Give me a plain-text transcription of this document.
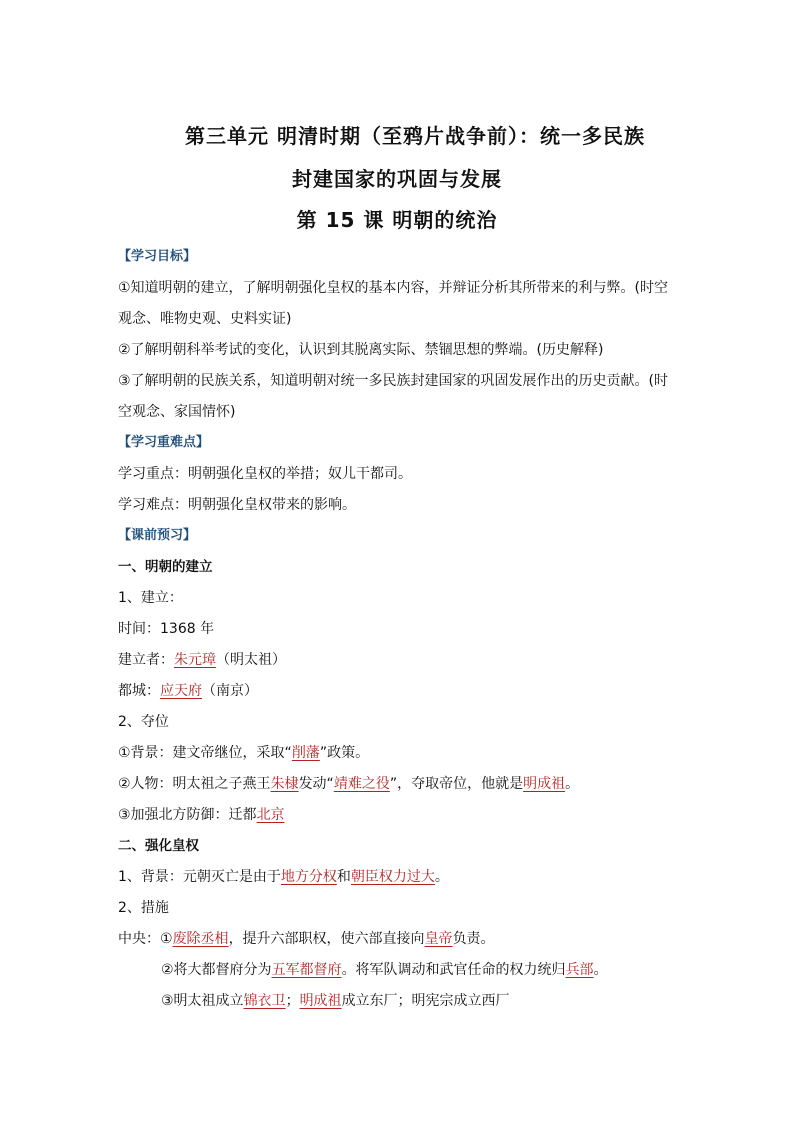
第三单元 明清时期（至鸦片战争前）：统一多民族
封建国家的巩固与发展
第 15 课 明朝的统治
【学习目标】
①知道明朝的建立，了解明朝强化皇权的基本内容，并辩证分析其所带来的利与弊。(时空
观念、唯物史观、史料实证)
②了解明朝科举考试的变化，认识到其脱离实际、禁锢思想的弊端。(历史解释)
③了解明朝的民族关系，知道明朝对统一多民族封建国家的巩固发展作出的历史贡献。(时
空观念、家国情怀)
【学习重难点】
学习重点：明朝强化皇权的举措；奴儿干都司。
学习难点：明朝强化皇权带来的影响。
【课前预习】
一、明朝的建立
1、建立：
时间：1368 年
建立者：朱元璋（明太祖）
都城：应天府（南京）
2、夺位
①背景：建文帝继位，采取“削藩”政策。
②人物：明太祖之子燕王朱棣发动“靖难之役”，夺取帝位，他就是明成祖。
③加强北方防御：迁都北京
二、强化皇权
1、背景：元朝灭亡是由于地方分权和朝臣权力过大。
2、措施
中央：①废除丞相，提升六部职权，使六部直接向皇帝负责。
②将大都督府分为五军都督府。将军队调动和武官任命的权力统归兵部。
③明太祖成立锦衣卫；明成祖成立东厂；明宪宗成立西厂
